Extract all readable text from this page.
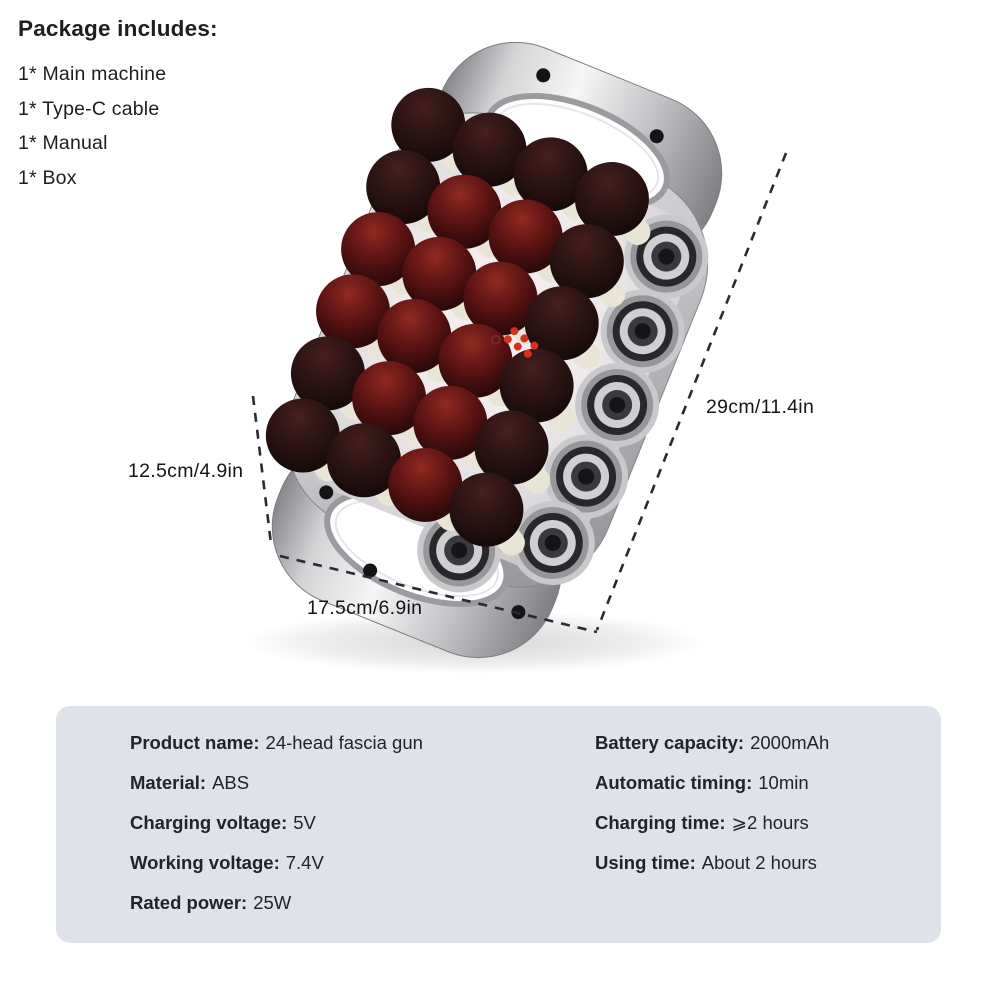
Package includes:
1* Main machine
1* Type-C cable
1* Manual
1* Box
29cm/11.4in
12.5cm/4.9in
17.5cm/6.9in
Product name: 24-head fascia gun
Material: ABS
Charging voltage: 5V
Working voltage: 7.4V
Rated power: 25W
Battery capacity: 2000mAh
Automatic timing: 10min
Charging time: ⩾2 hours
Using time: About 2 hours
